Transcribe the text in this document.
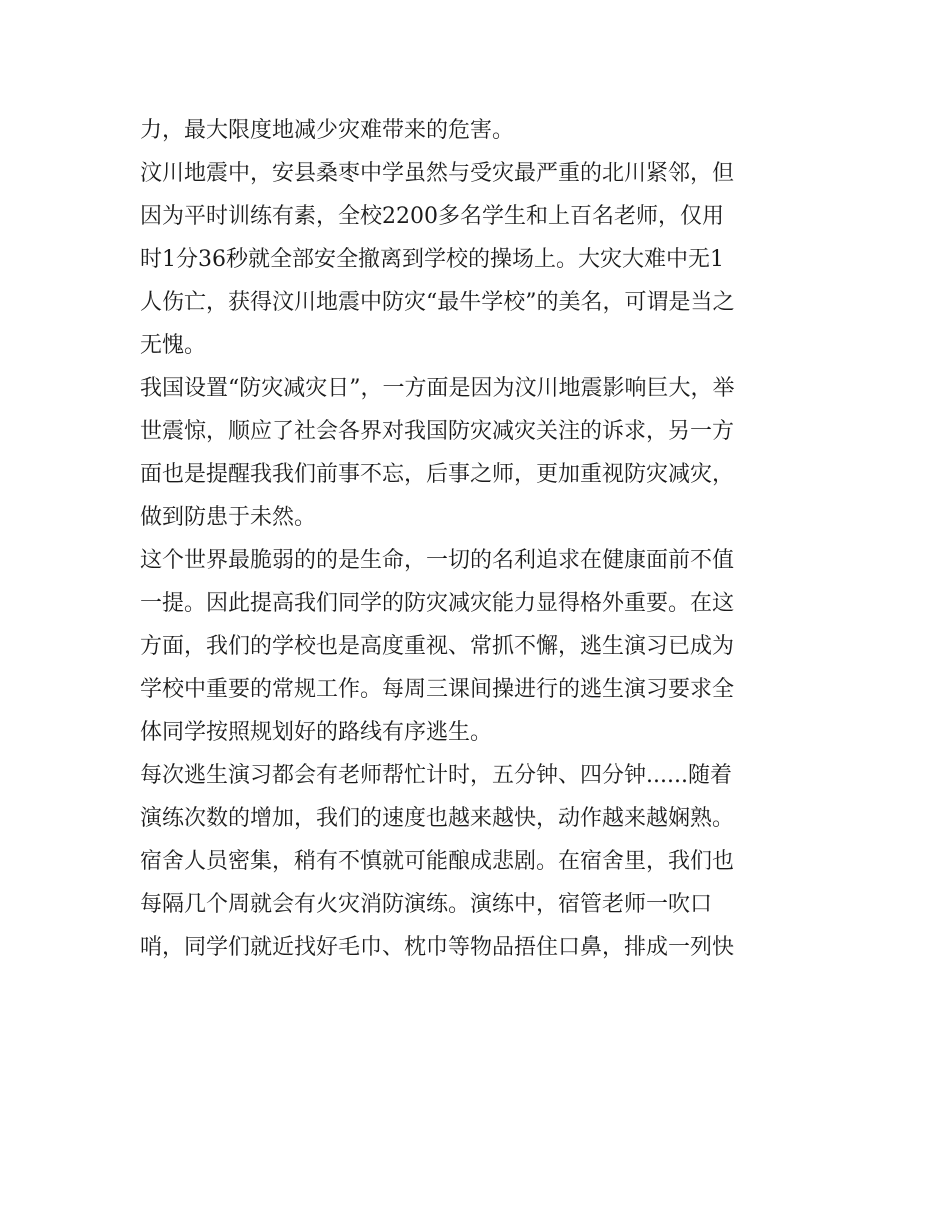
力，最大限度地减少灾难带来的危害。
汶川地震中，安县桑枣中学虽然与受灾最严重的北川紧邻，但
因为平时训练有素，全校2200多名学生和上百名老师，仅用
时1分36秒就全部安全撤离到学校的操场上。大灾大难中无1
人伤亡，获得汶川地震中防灾“最牛学校”的美名，可谓是当之
无愧。
我国设置“防灾减灾日”，一方面是因为汶川地震影响巨大，举
世震惊，顺应了社会各界对我国防灾减灾关注的诉求，另一方
面也是提醒我我们前事不忘，后事之师，更加重视防灾减灾，
做到防患于未然。
这个世界最脆弱的的是生命，一切的名利追求在健康面前不值
一提。因此提高我们同学的防灾减灾能力显得格外重要。在这
方面，我们的学校也是高度重视、常抓不懈，逃生演习已成为
学校中重要的常规工作。每周三课间操进行的逃生演习要求全
体同学按照规划好的路线有序逃生。
每次逃生演习都会有老师帮忙计时，五分钟、四分钟......随着
演练次数的增加，我们的速度也越来越快，动作越来越娴熟。
宿舍人员密集，稍有不慎就可能酿成悲剧。在宿舍里，我们也
每隔几个周就会有火灾消防演练。演练中，宿管老师一吹口
哨，同学们就近找好毛巾、枕巾等物品捂住口鼻，排成一列快
